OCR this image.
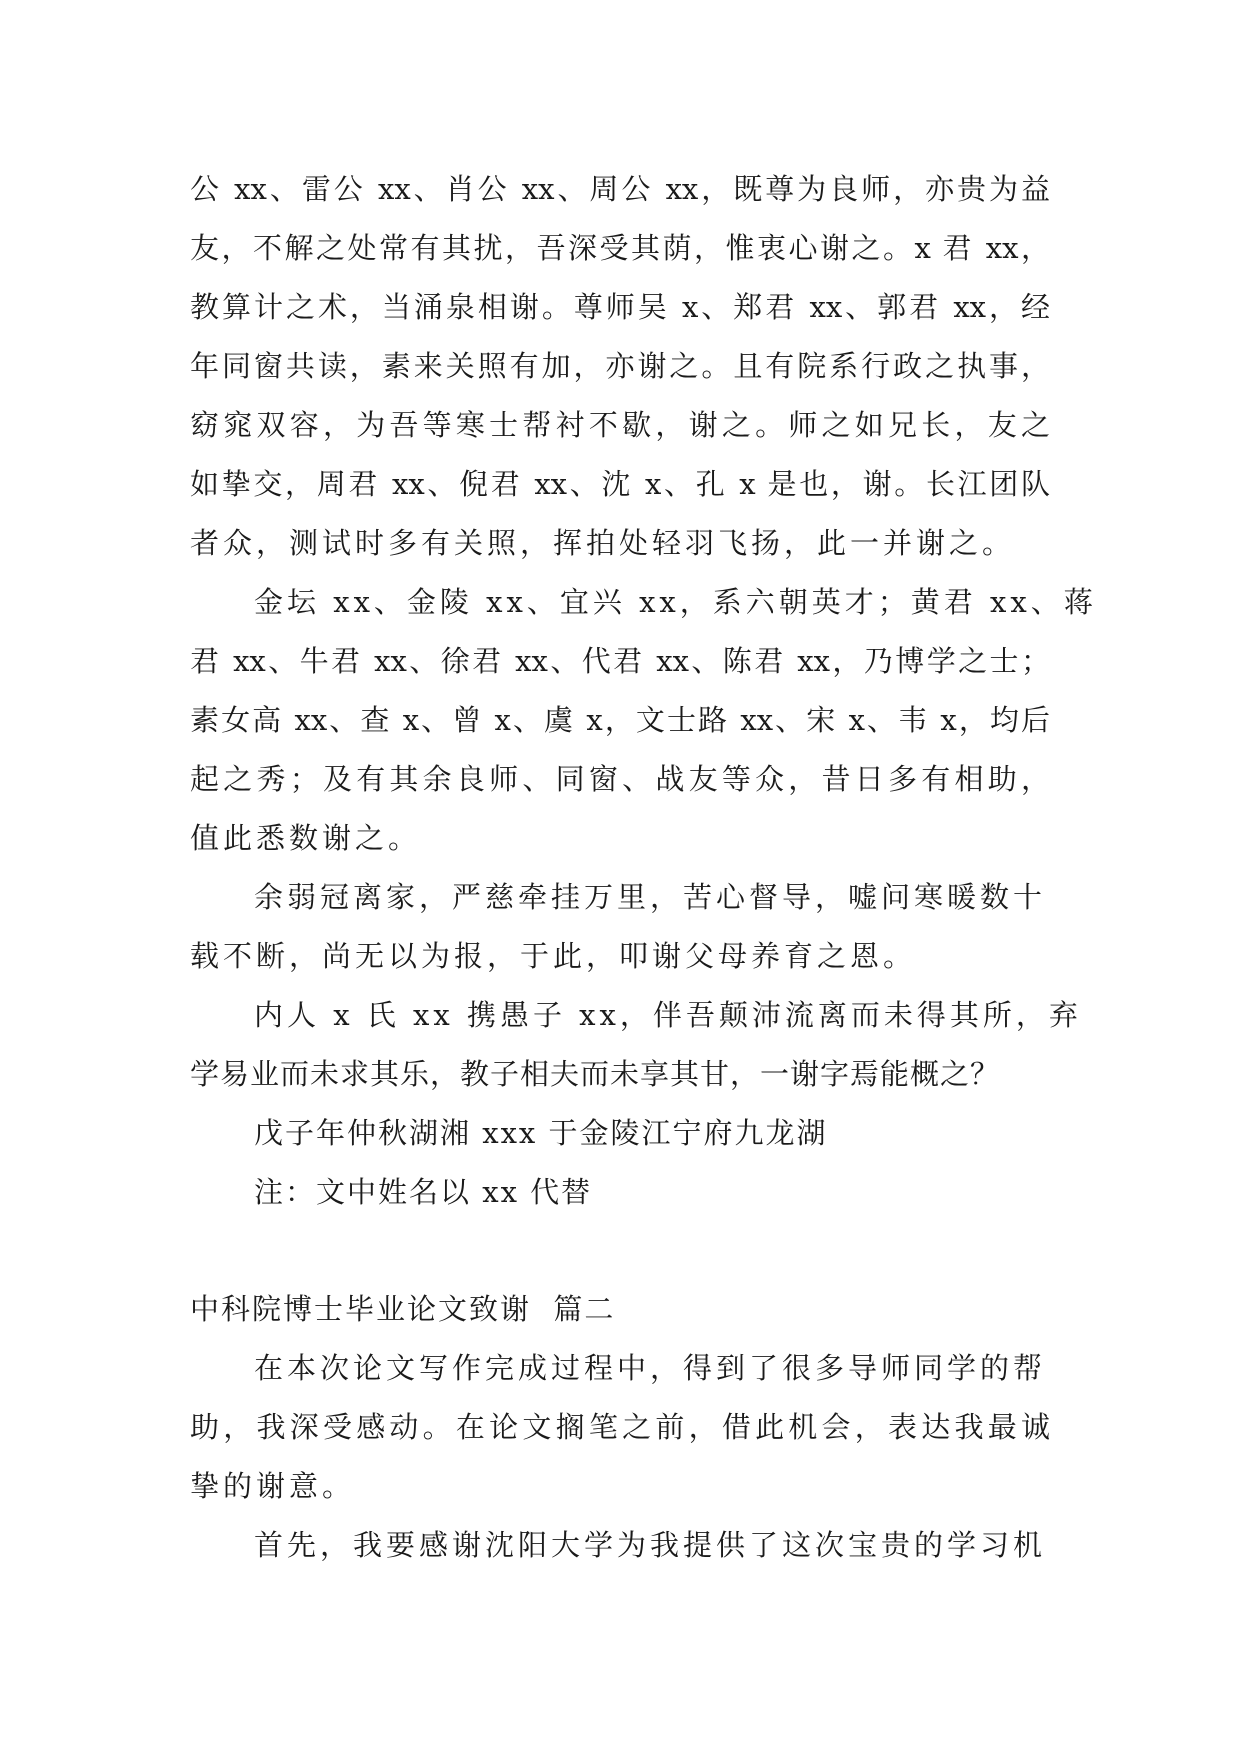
公 xx、雷公 xx、肖公 xx、周公 xx，既尊为良师，亦贵为益
友，不解之处常有其扰，吾深受其荫，惟衷心谢之。x 君 xx，
教算计之术，当涌泉相谢。尊师吴 x、郑君 xx、郭君 xx，经
年同窗共读，素来关照有加，亦谢之。且有院系行政之执事，
窈窕双容，为吾等寒士帮衬不歇，谢之。师之如兄长，友之
如挚交，周君 xx、倪君 xx、沈 x、孔 x 是也，谢。长江团队
者众，测试时多有关照，挥拍处轻羽飞扬，此一并谢之。
金坛 xx、金陵 xx、宜兴 xx，系六朝英才；黄君 xx、蒋
君 xx、牛君 xx、徐君 xx、代君 xx、陈君 xx，乃博学之士；
素女高 xx、查 x、曾 x、虞 x，文士路 xx、宋 x、韦 x，均后
起之秀；及有其余良师、同窗、战友等众，昔日多有相助，
值此悉数谢之。
余弱冠离家，严慈牵挂万里，苦心督导，嘘问寒暖数十
载不断，尚无以为报，于此，叩谢父母养育之恩。
内人 x 氏 xx 携愚子 xx，伴吾颠沛流离而未得其所，弃
学易业而未求其乐，教子相夫而未享其甘，一谢字焉能概之？
戊子年仲秋湖湘 xxx 于金陵江宁府九龙湖
注：文中姓名以 xx 代替
中科院博士毕业论文致谢  篇二
在本次论文写作完成过程中，得到了很多导师同学的帮
助，我深受感动。在论文搁笔之前，借此机会，表达我最诚
挚的谢意。
首先，我要感谢沈阳大学为我提供了这次宝贵的学习机
